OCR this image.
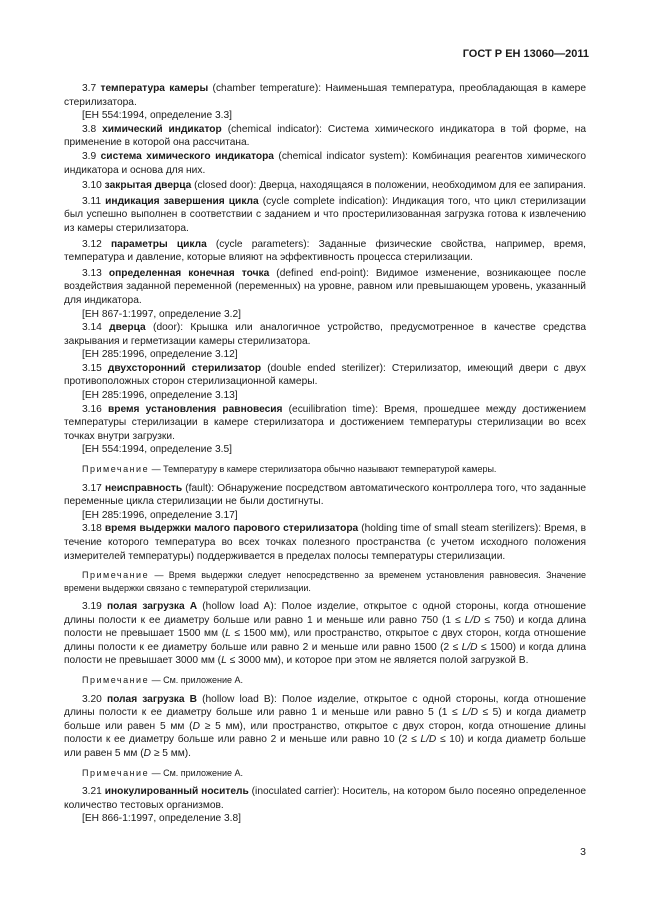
ГОСТ Р ЕН 13060—2011

3.7 температура камеры (chamber temperature): Наименьшая температура, преобладающая в камере стерилизатора.

[ЕН 554:1994, определение 3.3]

3.8 химический индикатор (chemical indicator): Система химического индикатора в той форме, на применение в которой она рассчитана.

3.9 система химического индикатора (chemical indicator system): Комбинация реагентов химического индикатора и основа для них.

3.10 закрытая дверца (closed door): Дверца, находящаяся в положении, необходимом для ее запирания.

3.11 индикация завершения цикла (cycle complete indication): Индикация того, что цикл стерилизации был успешно выполнен в соответствии с заданием и что простерилизованная загрузка готова к извлечению из камеры стерилизатора.

3.12 параметры цикла (cycle parameters): Заданные физические свойства, например, время, температура и давление, которые влияют на эффективность процесса стерилизации.

3.13 определенная конечная точка (defined end-point): Видимое изменение, возникающее после воздействия заданной переменной (переменных) на уровне, равном или превышающем уровень, указанный для индикатора.

[ЕН 867-1:1997, определение 3.2]

3.14 дверца (door): Крышка или аналогичное устройство, предусмотренное в качестве средства закрывания и герметизации камеры стерилизатора.

[ЕН 285:1996, определение 3.12]

3.15 двухсторонний стерилизатор (double ended sterilizer): Стерилизатор, имеющий двери с двух противоположных сторон стерилизационной камеры.

[ЕН 285:1996, определение 3.13]

3.16 время установления равновесия (ecuilibration time): Время, прошедшее между достижением температуры стерилизации в камере стерилизатора и достижением температуры стерилизации во всех точках внутри загрузки.

[ЕН 554:1994, определение 3.5]

Примечание — Температуру в камере стерилизатора обычно называют температурой камеры.

3.17 неисправность (fault): Обнаружение посредством автоматического контроллера того, что заданные переменные цикла стерилизации не были достигнуты.

[ЕН 285:1996, определение 3.17]

3.18 время выдержки малого парового стерилизатора (holding time of small steam sterilizers): Время, в течение которого температура во всех точках полезного пространства (с учетом исходного положения измерителей температуры) поддерживается в пределах полосы температуры стерилизации.

Примечание — Время выдержки следует непосредственно за временем установления равновесия. Значение времени выдержки связано с температурой стерилизации.

3.19 полая загрузка А (hollow load A): Полое изделие, открытое с одной стороны, когда отношение длины полости к ее диаметру больше или равно 1 и меньше или равно 750 (1 ≤ L/D ≤ 750) и когда длина полости не превышает 1500 мм (L ≤ 1500 мм), или пространство, открытое с двух сторон, когда отношение длины полости к ее диаметру больше или равно 2 и меньше или равно 1500 (2 ≤ L/D ≤ 1500) и когда длина полости не превышает 3000 мм (L ≤ 3000 мм), и которое при этом не является полой загрузкой В.

Примечание — См. приложение А.

3.20 полая загрузка В (hollow load B): Полое изделие, открытое с одной стороны, когда отношение длины полости к ее диаметру больше или равно 1 и меньше или равно 5 (1 ≤ L/D ≤ 5) и когда диаметр больше или равен 5 мм (D ≥ 5 мм), или пространство, открытое с двух сторон, когда отношение длины полости к ее диаметру больше или равно 2 и меньше или равно 10 (2 ≤ L/D ≤ 10) и когда диаметр больше или равен 5 мм (D ≥ 5 мм).

Примечание — См. приложение А.

3.21 инокулированный носитель (inoculated carrier): Носитель, на котором было посеяно определенное количество тестовых организмов.

[ЕН 866-1:1997, определение 3.8]

3
